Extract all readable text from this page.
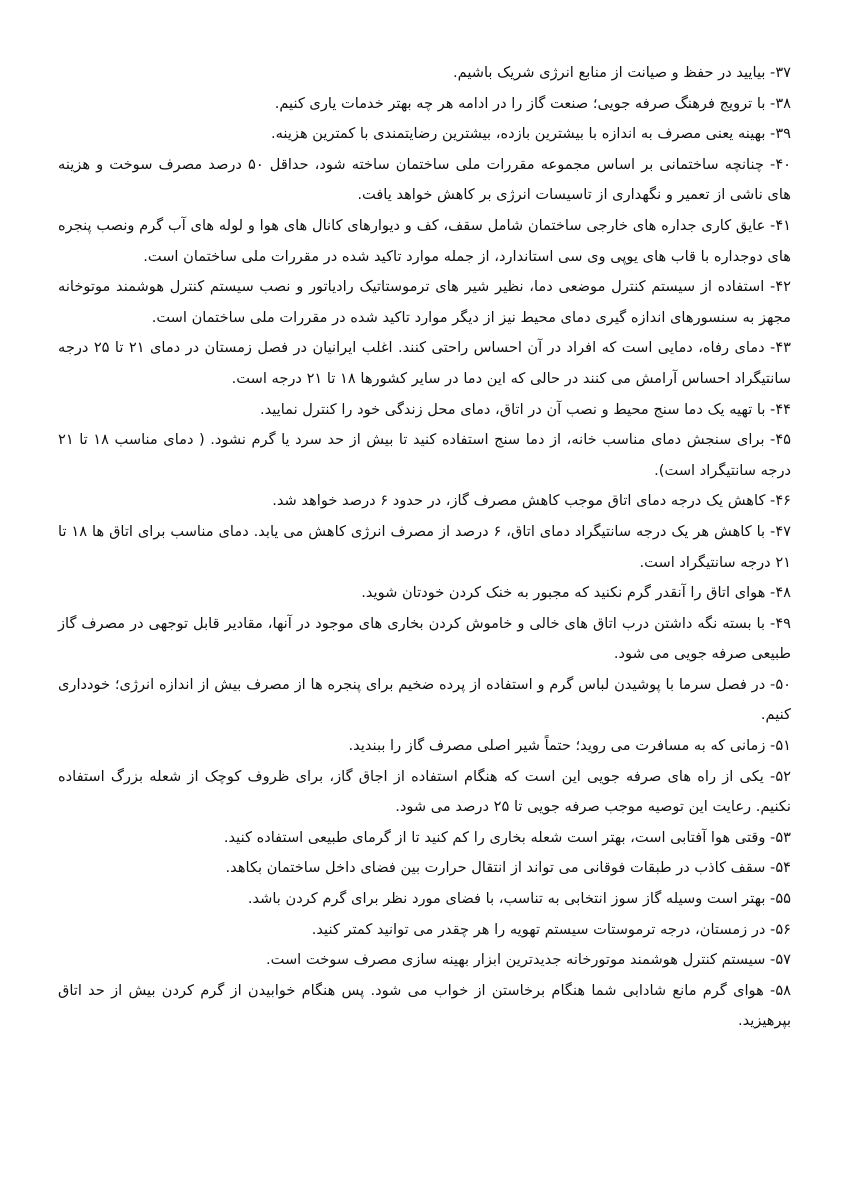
۳۷- بیایید در حفظ و صیانت از منابع انرژی شریک باشیم.

۳۸- با ترویج فرهنگ صرفه جویی؛ صنعت گاز را در ادامه هر چه بهتر خدمات یاری کنیم.

۳۹- بهینه یعنی مصرف به اندازه با بیشترین بازده، بیشترین رضایتمندی با کمترین هزینه.

۴۰- چنانچه ساختمانی بر اساس مجموعه مقررات ملی ساختمان ساخته شود، حداقل ۵۰ درصد مصرف سوخت و هزینه های ناشی از تعمیر و نگهداری از تاسیسات انرژی بر کاهش خواهد یافت.

۴۱- عایق کاری جداره های خارجی ساختمان شامل سقف، کف و دیوارهای کانال های هوا و لوله های آب گرم ونصب پنجره های دوجداره با قاب های یوپی وی سی استاندارد، از جمله موارد تاکید شده در مقررات ملی ساختمان است.

۴۲- استفاده از سیستم کنترل موضعی دما، نظیر شیر های ترموستاتیک رادیاتور و نصب سیستم کنترل هوشمند موتوخانه مجهز به سنسورهای اندازه گیری دمای محیط نیز از دیگر موارد تاکید شده در مقررات ملی ساختمان است.

۴۳- دمای رفاه، دمایی است که افراد در آن احساس راحتی کنند. اغلب ایرانیان در فصل زمستان در دمای ۲۱ تا ۲۵ درجه سانتیگراد احساس آرامش می کنند در حالی که این دما در سایر کشورها ۱۸ تا ۲۱ درجه است.

۴۴- با تهیه یک دما سنج محیط و نصب آن در اتاق، دمای محل زندگی خود را کنترل نمایید.

۴۵- برای سنجش دمای مناسب خانه، از دما سنج استفاده کنید تا بیش از حد سرد یا گرم نشود. ( دمای مناسب ۱۸ تا ۲۱ درجه سانتیگراد است).

۴۶- کاهش یک درجه دمای اتاق موجب کاهش مصرف گاز، در حدود ۶ درصد خواهد شد.

۴۷- با کاهش هر یک درجه سانتیگراد دمای اتاق، ۶ درصد از مصرف انرژی کاهش می یابد. دمای مناسب برای اتاق ها ۱۸ تا ۲۱ درجه سانتیگراد است.

۴۸- هوای اتاق را آنقدر گرم نکنید که مجبور به خنک کردن خودتان شوید.

۴۹- با بسته نگه داشتن درب اتاق های خالی و خاموش کردن بخاری های موجود در آنها، مقادیر قابل توجهی در مصرف گاز طبیعی صرفه جویی می شود.

۵۰- در فصل سرما با پوشیدن لباس گرم و استفاده از پرده ضخیم برای پنجره ها از مصرف بیش از اندازه انرژی؛ خودداری کنیم.

۵۱- زمانی که به مسافرت می روید؛ حتماً شیر اصلی مصرف گاز را ببندید.

۵۲- یکی از راه های صرفه جویی این است که هنگام استفاده از اجاق گاز، برای ظروف کوچک از شعله بزرگ استفاده نکنیم. رعایت این توصیه موجب صرفه جویی تا ۲۵ درصد می شود.

۵۳- وقتی هوا آفتابی است، بهتر است شعله بخاری را کم کنید تا از گرمای طبیعی استفاده کنید.

۵۴- سقف کاذب در طبقات فوقانی می تواند از انتقال حرارت بین فضای داخل ساختمان بکاهد.

۵۵- بهتر است وسیله گاز سوز انتخابی به تناسب، با فضای مورد نظر برای گرم کردن باشد.

۵۶- در زمستان، درجه ترموستات سیستم تهویه را هر چقدر می توانید کمتر کنید.

۵۷- سیستم کنترل هوشمند موتورخانه جدیدترین ابزار بهینه سازی مصرف سوخت است.

۵۸- هوای گرم مانع شادابی شما هنگام برخاستن از خواب می شود. پس هنگام خوابیدن از گرم کردن بیش از حد اتاق بپرهیزید.
